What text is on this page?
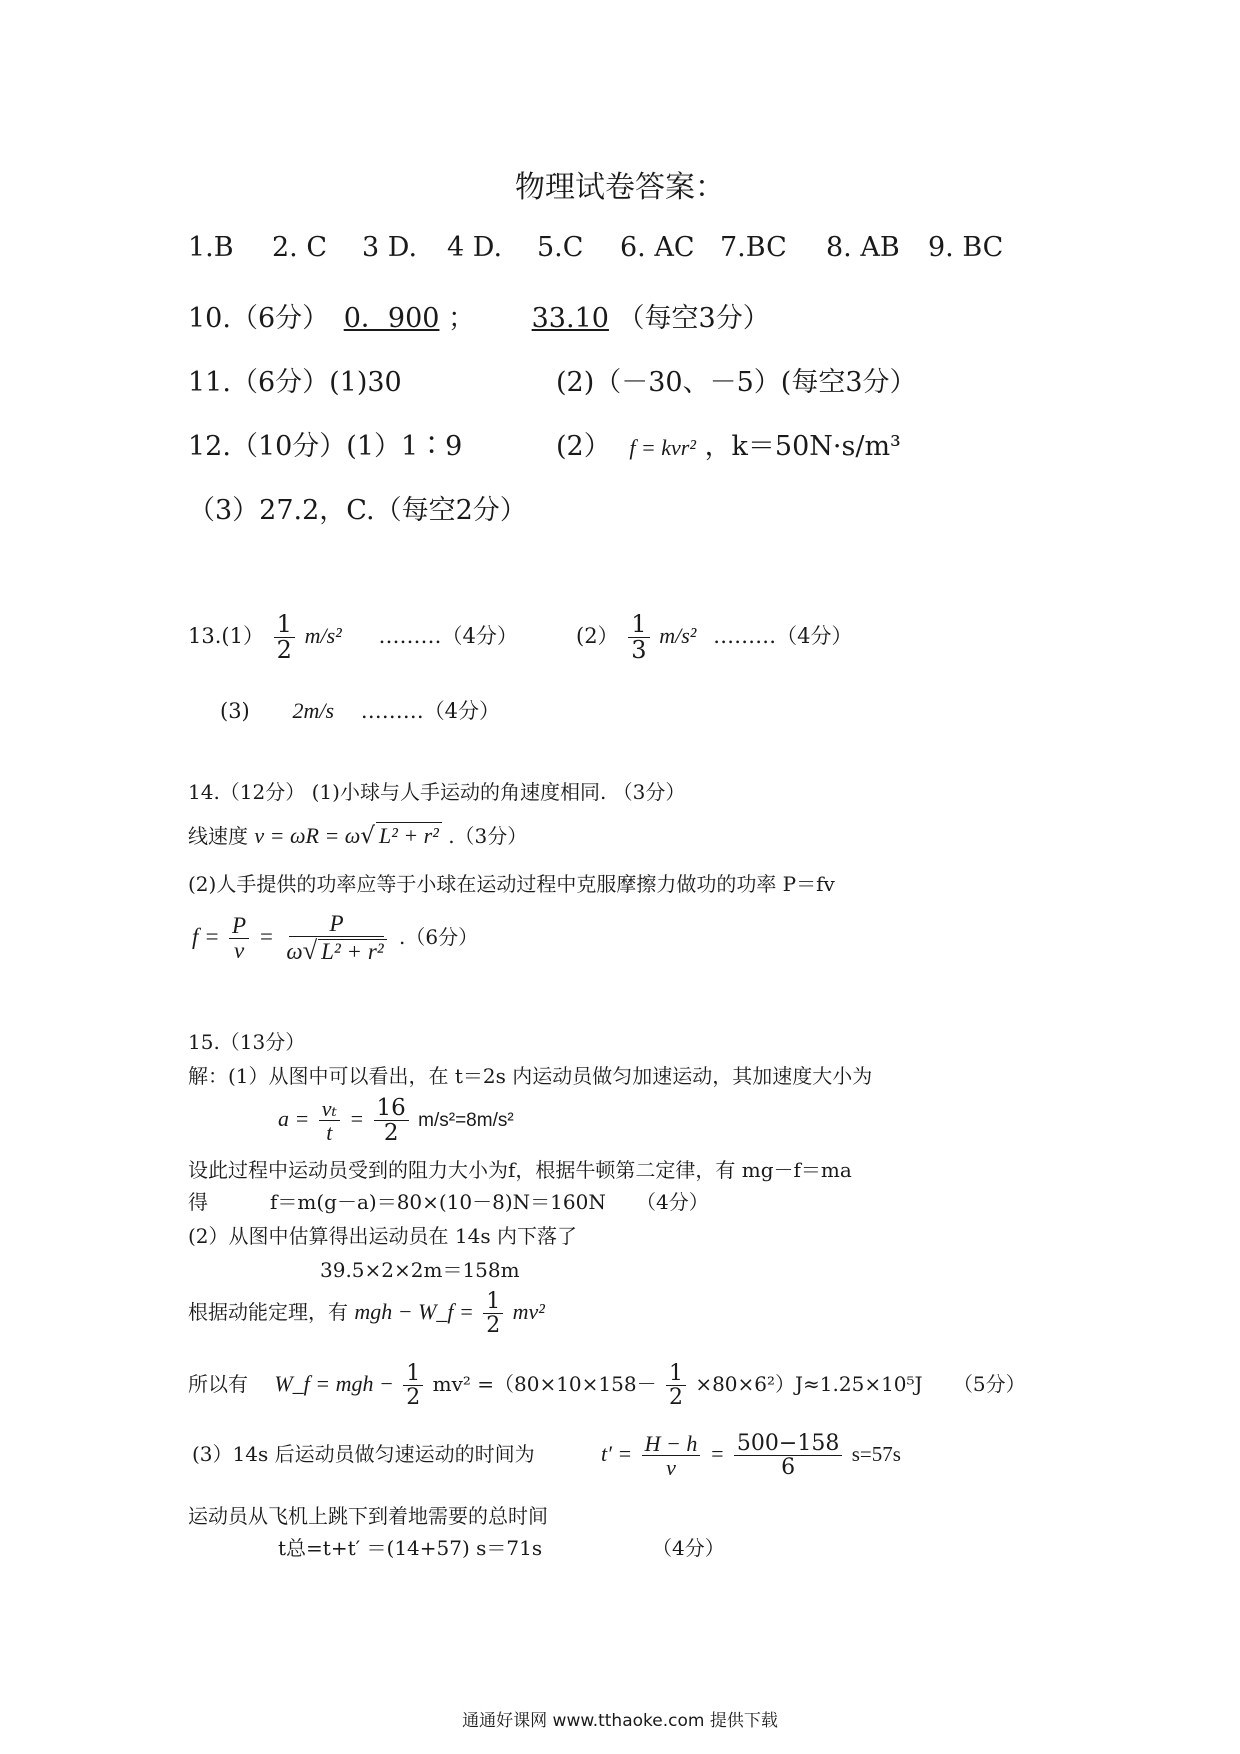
物理试卷答案：
1.B 2. C 3 D. 4 D. 5.C 6. AC 7.BC 8. AB 9. BC
10.（6分） 0．900 ； 33.10 （每空3分）
11.（6分）(1)30	(2)（－30、－5）(每空3分）
12.（10分）(1）1∶9	(2） f = kvr² ，k＝50N·s/m³
（3）27.2，C.（每空2分）
$13.(1) \frac{1}{2} m/s^2$ ………（4分）	$(2) \frac{1}{3} m/s^2$ ………（4分）
(3) 2m/s ………（4分）
14.（12分） (1)小球与人手运动的角速度相同. （3分）
线速度 v = ωR = ω√ L² + r² .（3分）
(2)人手提供的功率应等于小球在运动过程中克服摩擦力做功的功率 P＝fv
$f = \frac{P}{v} = \frac{P}{\text{ω√ L² + r²}} .(6$分）
15.（13分）
解：(1）从图中可以看出，在 t＝2s 内运动员做匀加速运动，其加速度大小为
$a = \frac{\text{vₜ}}{t} = \frac{16}{2} m/s^2=8m/s^2$
设此过程中运动员受到的阻力大小为f，根据牛顿第二定律，有 mg－f＝ma
得	f＝m(g－a)＝80×(10－8)N＝160N （4分）
(2）从图中估算得出运动员在 14s 内下落了
39.5×2×2m＝158m
根据动能定理，有 mgh − W_f = $\frac{1}{2} mv^2$
所以有 W_f = mgh − $\frac{1}{2} mv^2 =(80\times 10\times 158- \frac{1}{2} \times 80\times 6^2)J\approx 1.25\times 10^5J$ （5分）
(3）14s 后运动员做匀速运动的时间为	$t' = \frac{H - h}{v} = \frac{500-158}{6} s=57s$
运动员从飞机上跳下到着地需要的总时间
t总=t+t′ ＝(14+57) s＝71s	（4分）
通通好课网 www.tthaoke.com 提供下载
